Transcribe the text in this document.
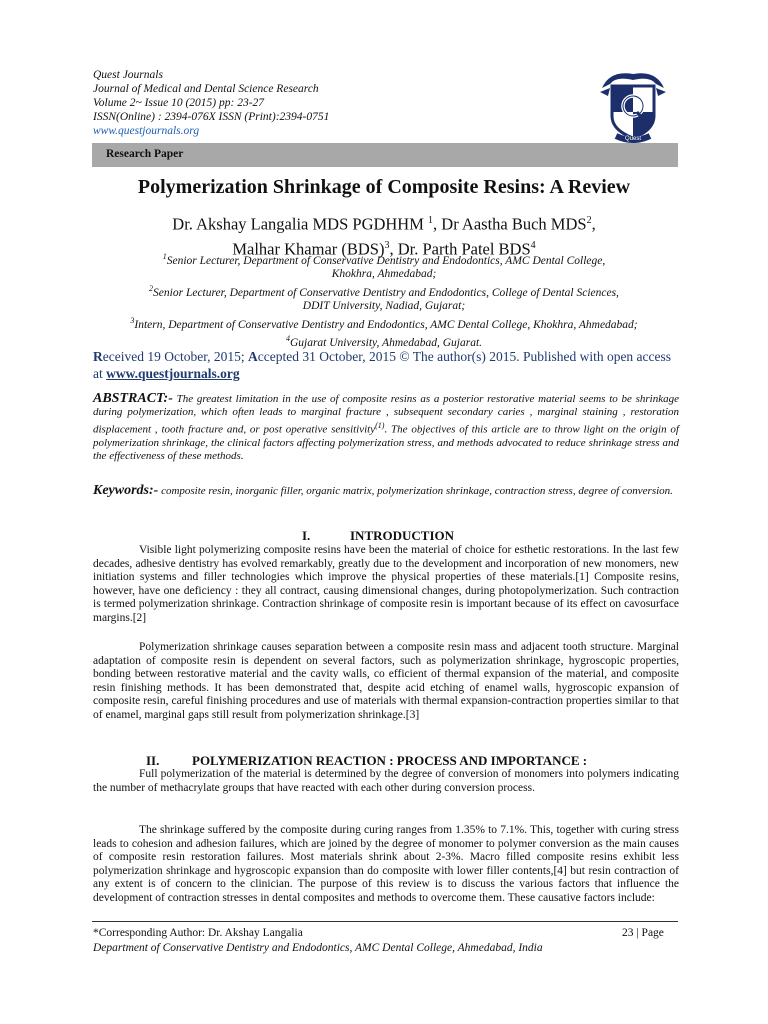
Quest Journals
Journal of Medical and Dental Science Research
Volume 2~ Issue 10 (2015) pp: 23-27
ISSN(Online) : 2394-076X ISSN (Print):2394-0751
www.questjournals.org
Quest
Research Paper
Polymerization Shrinkage of Composite Resins: A Review
Dr. Akshay Langalia MDS PGDHHM $^1$, Dr Aastha Buch MDS$^2$,
Malhar Khamar (BDS)$^3$, Dr. Parth Patel BDS$^4$
$^1$Senior Lecturer, Department of Conservative Dentistry and Endodontics, AMC Dental College,
Khokhra, Ahmedabad;
$^2$Senior Lecturer, Department of Conservative Dentistry and Endodontics, College of Dental Sciences,
DDIT University, Nadiad, Gujarat;
$^3$Intern, Department of Conservative Dentistry and Endodontics, AMC Dental College, Khokhra, Ahmedabad;
$^4$Gujarat University, Ahmedabad, Gujarat.
Received 19 October, 2015; Accepted 31 October, 2015 © The author(s) 2015. Published with open access at www.questjournals.org
ABSTRACT:- The greatest limitation in the use of composite resins as a posterior restorative material seems to be shrinkage during polymerization, which often leads to marginal fracture , subsequent secondary caries , marginal staining , restoration displacement , tooth fracture and, or post operative sensitivity$^{(1)}$. The objectives of this article are to throw light on the origin of polymerization shrinkage, the clinical factors affecting polymerization stress, and methods advocated to reduce shrinkage stress and the effectiveness of these methods.
Keywords:- composite resin, inorganic filler, organic matrix, polymerization shrinkage, contraction stress, degree of conversion.
I.	INTRODUCTION
Visible light polymerizing composite resins have been the material of choice for esthetic restorations. In the last few decades, adhesive dentistry has evolved remarkably, greatly due to the development and incorporation of new monomers, new initiation systems and filler technologies which improve the physical properties of these materials.[1] Composite resins, however, have one deficiency : they all contract, causing dimensional changes, during photopolymerization. Such contraction is termed polymerization shrinkage. Contraction shrinkage of composite resin is important because of its effect on cavosurface margins.[2]
Polymerization shrinkage causes separation between a composite resin mass and adjacent tooth structure. Marginal adaptation of composite resin is dependent on several factors, such as polymerization shrinkage, hygroscopic properties, bonding between restorative material and the cavity walls, co efficient of thermal expansion of the material, and composite resin finishing methods. It has been demonstrated that, despite acid etching of enamel walls, hygroscopic expansion of composite resin, careful finishing procedures and use of materials with thermal expansion-contraction properties similar to that of enamel, marginal gaps still result from polymerization shrinkage.[3]
II.	POLYMERIZATION REACTION : PROCESS AND IMPORTANCE :
Full polymerization of the material is determined by the degree of conversion of monomers into polymers indicating the number of methacrylate groups that have reacted with each other during conversion process.
The shrinkage suffered by the composite during curing ranges from 1.35% to 7.1%. This, together with curing stress leads to cohesion and adhesion failures, which are joined by the degree of monomer to polymer conversion as the main causes of composite resin restoration failures. Most materials shrink about 2-3%. Macro filled composite resins exhibit less polymerization shrinkage and hygroscopic expansion than do composite with lower filler contents,[4] but resin contraction of any extent is of concern to the clinician. The purpose of this review is to discuss the various factors that influence the development of contraction stresses in dental composites and methods to overcome them. These causative factors include:
*Corresponding Author: Dr. Akshay Langalia	23 | Page
Department of Conservative Dentistry and Endodontics, AMC Dental College, Ahmedabad, India
